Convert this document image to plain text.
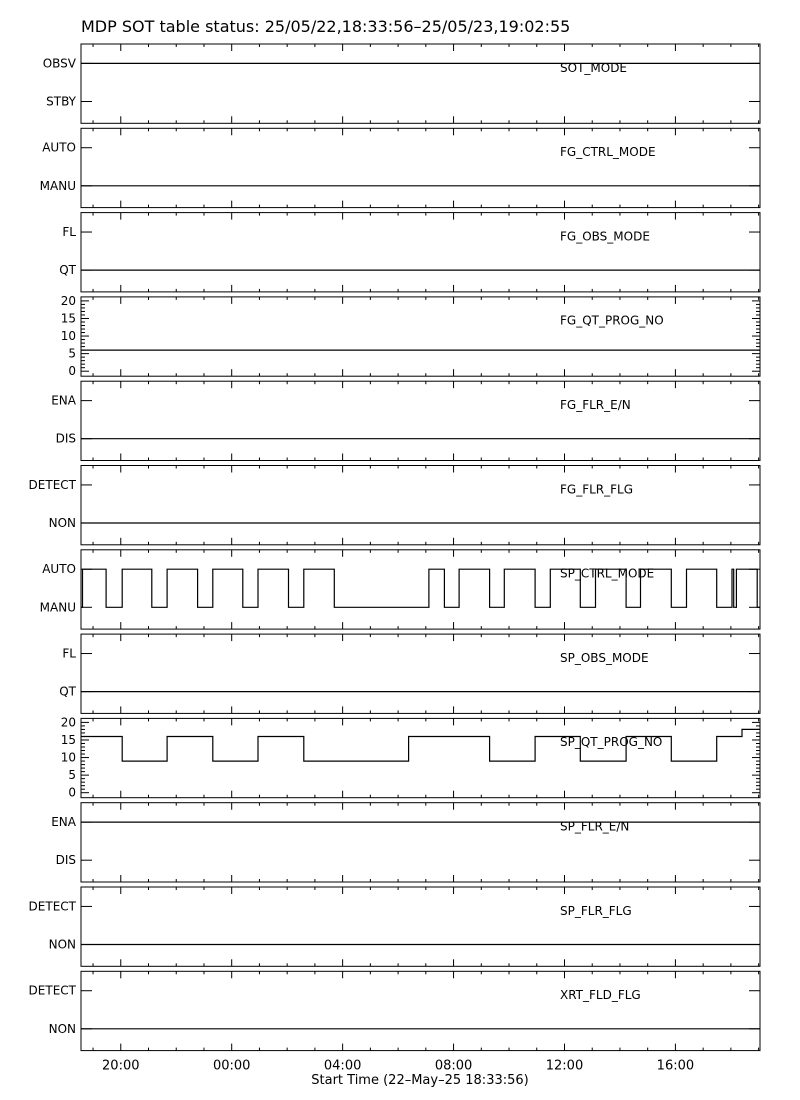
MDP SOT table status: 25/05/22,18:33:56–25/05/23,19:02:55
STBY
OBSV	SOT_MODE
MANU
AUTO	FG_CTRL_MODE
QT
FL	FG_OBS_MODE
0
5
10
15
20
FG_QT_PROG_NO
DIS
ENA	FG_FLR_E/N
NON
DETECT	FG_FLR_FLG
MANU
AUTO	SP_CTRL_MODE
QT
FL	SP_OBS_MODE
0
5
10
15
20
SP_QT_PROG_NO
DIS
ENA	SP_FLR_E/N
NON
DETECT	SP_FLR_FLG
NON
DETECT	XRT_FLD_FLG
20:00	00:00	04:00	08:00	12:00	16:00
Start Time (22–May–25 18:33:56)
